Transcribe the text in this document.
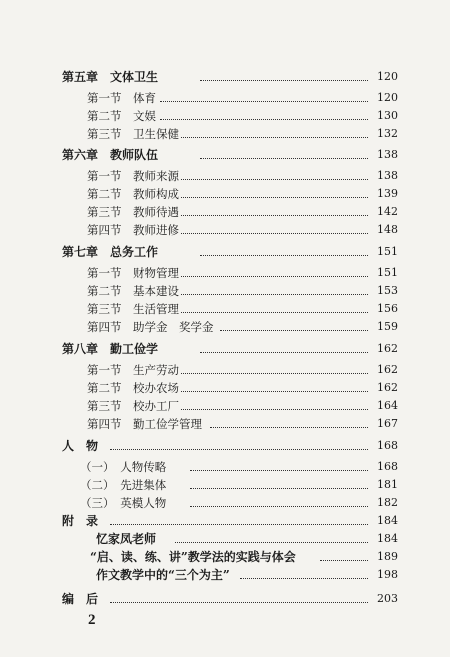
第五章　文体卫生	120
第一节　体育	120
第二节　文娱	130
第三节　卫生保健	132
第六章　教师队伍	138
第一节　教师来源	138
第二节　教师构成	139
第三节　教师待遇	142
第四节　教师进修	148
第七章　总务工作	151
第一节　财物管理	151
第二节　基本建设	153
第三节　生活管理	156
第四节　助学金　奖学金	159
第八章　勤工俭学	162
第一节　生产劳动	162
第二节　校办农场	162
第三节　校办工厂	164
第四节　勤工俭学管理	167
人　物	168
（一）　人物传略	168
（二）　先进集体	181
（三）　英模人物	182
附　录	184
忆家凤老师	184
“启、读、练、讲”教学法的实践与体会	189
作文教学中的“三个为主”	198
编　后	203
2
